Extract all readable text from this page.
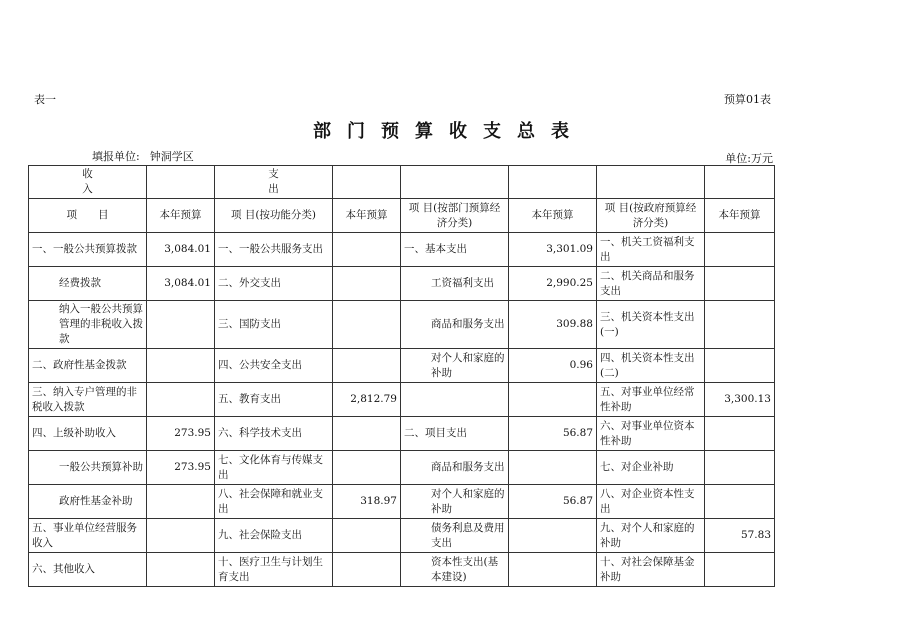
表一	预算01表
部门预算收支总表
填报单位: 钟洞学区	单位:万元
收
入		支
出					

项　　目	本年预算	项 目(按功能分类)	本年预算	项 目(按部门预算经济分类)	本年预算	项 目(按政府预算经济分类)	本年预算
一、一般公共预算拨款	3,084.01	一、一般公共服务支出		一、基本支出	3,301.09	一、机关工资福利支出	
经费拨款	3,084.01	二、外交支出		工资福利支出	2,990.25	二、机关商品和服务支出	
纳入一般公共预算管理的非税收入拨款		三、国防支出		商品和服务支出	309.88	三、机关资本性支出(一)	
二、政府性基金拨款		四、公共安全支出		对个人和家庭的补助	0.96	四、机关资本性支出(二)	
三、纳入专户管理的非税收入拨款		五、教育支出	2,812.79			五、对事业单位经常性补助	3,300.13
四、上级补助收入	273.95	六、科学技术支出		二、项目支出	56.87	六、对事业单位资本性补助	
一般公共预算补助	273.95	七、文化体育与传媒支出		商品和服务支出		七、对企业补助	
政府性基金补助		八、社会保障和就业支出	318.97	对个人和家庭的补助	56.87	八、对企业资本性支出	
五、事业单位经营服务收入		九、社会保险支出		债务利息及费用支出		九、对个人和家庭的补助	57.83
六、其他收入		十、医疗卫生与计划生育支出		资本性支出(基本建设)		十、对社会保障基金补助	
